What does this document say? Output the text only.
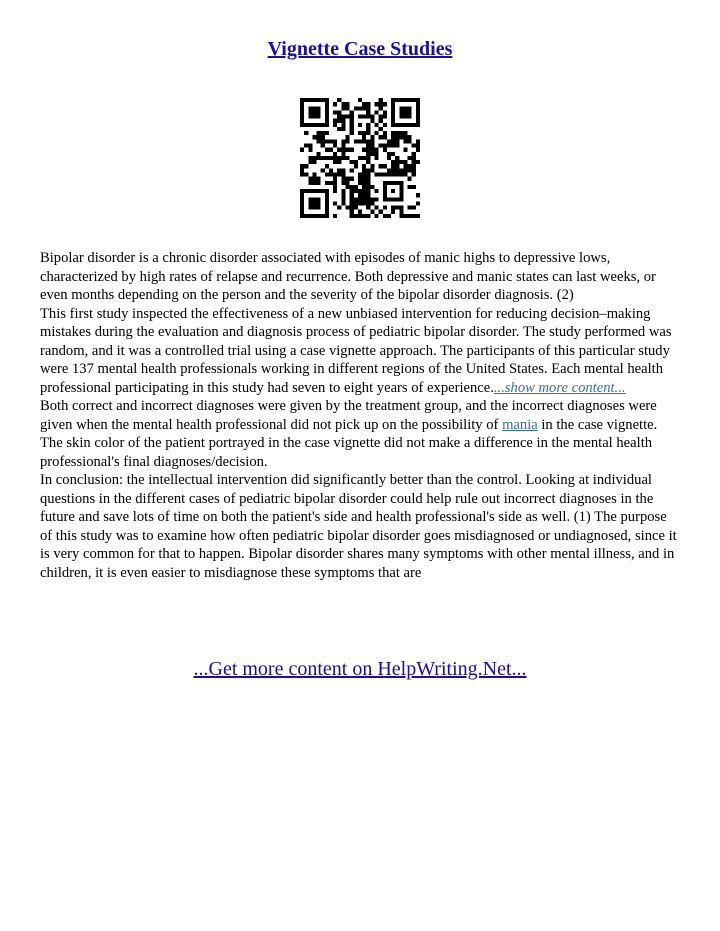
Vignette Case Studies

Bipolar disorder is a chronic disorder associated with episodes of manic highs to depressive lows, characterized by high rates of relapse and recurrence. Both depressive and manic states can last weeks, or even months depending on the person and the severity of the bipolar disorder diagnosis. (2)

This first study inspected the effectiveness of a new unbiased intervention for reducing decision–making mistakes during the evaluation and diagnosis process of pediatric bipolar disorder. The study performed was random, and it was a controlled trial using a case vignette approach. The participants of this particular study were 137 mental health professionals working in different regions of the United States. Each mental health professional participating in this study had seven to eight years of experience....show more content...

Both correct and incorrect diagnoses were given by the treatment group, and the incorrect diagnoses were given when the mental health professional did not pick up on the possibility of mania in the case vignette. The skin color of the patient portrayed in the case vignette did not make a difference in the mental health professional's final diagnoses/decision.

In conclusion: the intellectual intervention did significantly better than the control. Looking at individual questions in the different cases of pediatric bipolar disorder could help rule out incorrect diagnoses in the future and save lots of time on both the patient's side and health professional's side as well. (1) The purpose of this study was to examine how often pediatric bipolar disorder goes misdiagnosed or undiagnosed, since it is very common for that to happen. Bipolar disorder shares many symptoms with other mental illness, and in children, it is even easier to misdiagnose these symptoms that are

...Get more content on HelpWriting.Net...
